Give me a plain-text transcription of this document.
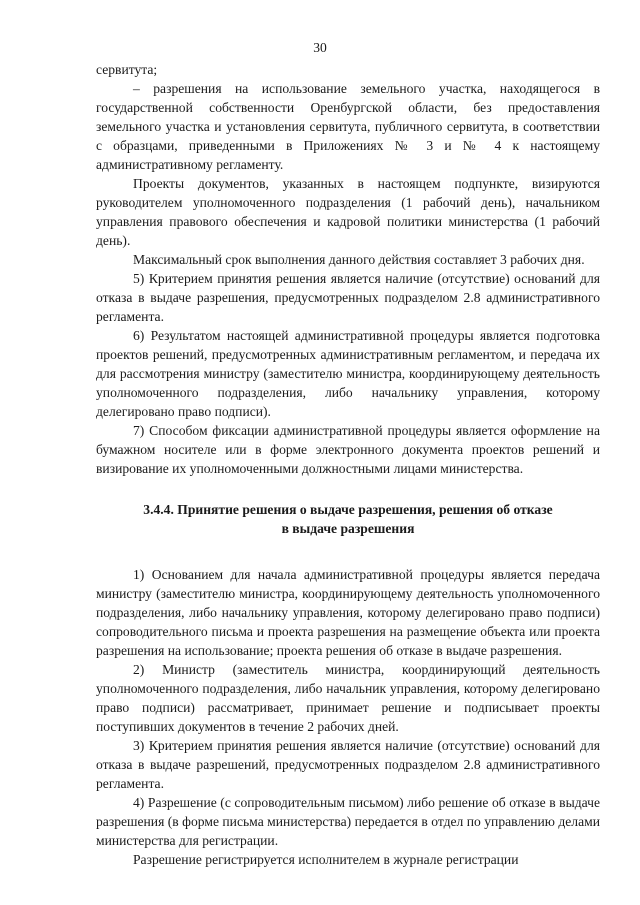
30

сервитута;

– разрешения на использование земельного участка, находящегося в государственной собственности Оренбургской области, без предоставления земельного участка и установления сервитута, публичного сервитута, в соответствии с образцами, приведенными в Приложениях № 3 и № 4 к настоящему административному регламенту.

Проекты документов, указанных в настоящем подпункте, визируются руководителем уполномоченного подразделения (1 рабочий день), начальником управления правового обеспечения и кадровой политики министерства (1 рабочий день).

Максимальный срок выполнения данного действия составляет 3 рабочих дня.

5) Критерием принятия решения является наличие (отсутствие) оснований для отказа в выдаче разрешения, предусмотренных подразделом 2.8 административного регламента.

6) Результатом настоящей административной процедуры является подготовка проектов решений, предусмотренных административным регламентом, и передача их для рассмотрения министру (заместителю министра, координирующему деятельность уполномоченного подразделения, либо начальнику управления, которому делегировано право подписи).

7) Способом фиксации административной процедуры является оформление на бумажном носителе или в форме электронного документа проектов решений и визирование их уполномоченными должностными лицами министерства.

3.4.4. Принятие решения о выдаче разрешения, решения об отказе
в выдаче разрешения

1) Основанием для начала административной процедуры является передача министру (заместителю министра, координирующему деятельность уполномоченного подразделения, либо начальнику управления, которому делегировано право подписи) сопроводительного письма и проекта разрешения на размещение объекта или проекта разрешения на использование; проекта решения об отказе в выдаче разрешения.

2) Министр (заместитель министра, координирующий деятельность уполномоченного подразделения, либо начальник управления, которому делегировано право подписи) рассматривает, принимает решение и подписывает проекты поступивших документов в течение 2 рабочих дней.

3) Критерием принятия решения является наличие (отсутствие) оснований для отказа в выдаче разрешений, предусмотренных подразделом 2.8 административного регламента.

4) Разрешение (с сопроводительным письмом) либо решение об отказе в выдаче разрешения (в форме письма министерства) передается в отдел по управлению делами министерства для регистрации.

Разрешение регистрируется исполнителем в журнале регистрации
